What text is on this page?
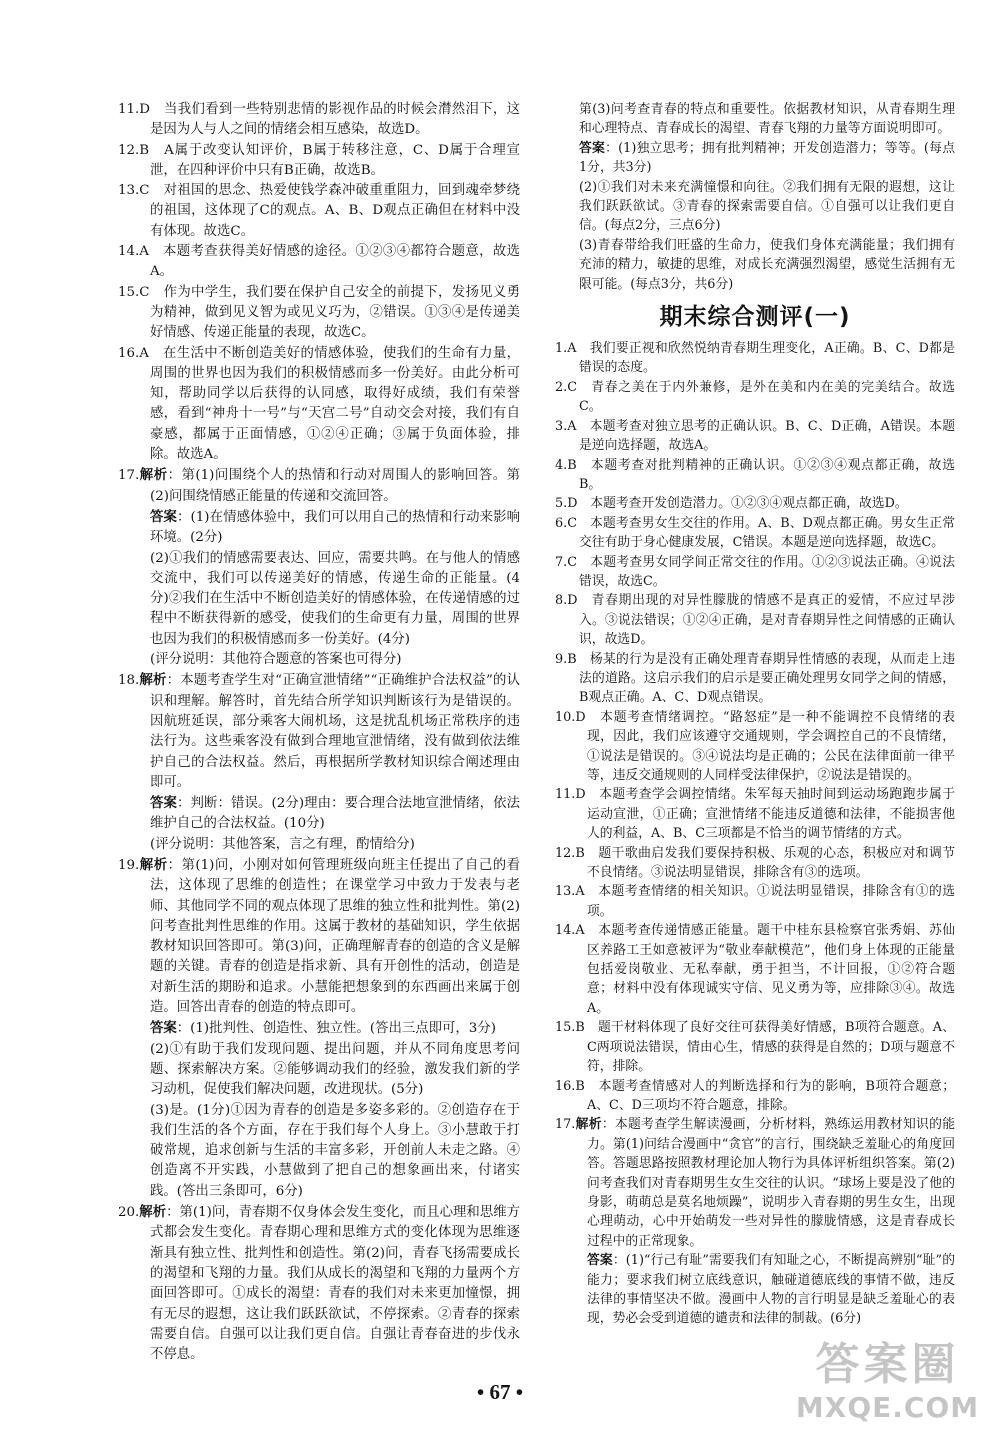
11.D　当我们看到一些特别悲情的影视作品的时候会潸然泪下，这是因为人与人之间的情绪会相互感染，故选D。

12.B　A属于改变认知评价，B属于转移注意，C、D属于合理宣泄，在四种评价中只有B正确，故选B。

13.C　对祖国的思念、热爱使钱学森冲破重重阻力，回到魂牵梦绕的祖国，这体现了C的观点。A、B、D观点正确但在材料中没有体现。故选C。

14.A　本题考查获得美好情感的途径。①②③④都符合题意，故选A。

15.C　作为中学生，我们要在保护自己安全的前提下，发扬见义勇为精神，做到见义智为或见义巧为，②错误。①③④是传递美好情感、传递正能量的表现，故选C。

16.A　在生活中不断创造美好的情感体验，使我们的生命有力量，周围的世界也因为我们的积极情感而多一份美好。由此分析可知，帮助同学以后获得的认同感，取得好成绩，我们有荣誉感，看到“神舟十一号”与“天宫二号”自动交会对接，我们有自豪感，都属于正面情感，①②④正确；③属于负面体验，排除。故选A。

17.解析：第(1)问围绕个人的热情和行动对周围人的影响回答。第(2)问围绕情感正能量的传递和交流回答。

答案：(1)在情感体验中，我们可以用自己的热情和行动来影响环境。(2分)

(2)①我们的情感需要表达、回应，需要共鸣。在与他人的情感交流中，我们可以传递美好的情感，传递生命的正能量。(4分)②我们在生活中不断创造美好的情感体验，在传递情感的过程中不断获得新的感受，使我们的生命更有力量，周围的世界也因为我们的积极情感而多一份美好。(4分)

(评分说明：其他符合题意的答案也可得分)

18.解析：本题考查学生对“正确宣泄情绪”“正确维护合法权益”的认识和理解。解答时，首先结合所学知识判断该行为是错误的。因航班延误，部分乘客大闹机场，这是扰乱机场正常秩序的违法行为。这些乘客没有做到合理地宣泄情绪，没有做到依法维护自己的合法权益。然后，再根据所学教材知识综合阐述理由即可。

答案：判断：错误。(2分)理由：要合理合法地宣泄情绪，依法维护自己的合法权益。(10分)

(评分说明：其他答案，言之有理，酌情给分)

19.解析：第(1)问，小刚对如何管理班级向班主任提出了自己的看法，这体现了思维的创造性；在课堂学习中致力于发表与老师、其他同学不同的观点体现了思维的独立性和批判性。第(2)问考查批判性思维的作用。这属于教材的基础知识，学生依据教材知识回答即可。第(3)问，正确理解青春的创造的含义是解题的关键。青春的创造是指求新、具有开创性的活动，创造是对新生活的期盼和追求。小慧能把想象到的东西画出来属于创造。回答出青春的创造的特点即可。

答案：(1)批判性、创造性、独立性。(答出三点即可，3分)

(2)①有助于我们发现问题、提出问题，并从不同角度思考问题、探索解决方案。②能够调动我们的经验，激发我们新的学习动机，促使我们解决问题，改进现状。(5分)

(3)是。(1分)①因为青春的创造是多姿多彩的。②创造存在于我们生活的各个方面，存在于我们每个人身上。③小慧敢于打破常规，追求创新与生活的丰富多彩，开创前人未走之路。④创造离不开实践，小慧做到了把自己的想象画出来，付诸实践。(答出三条即可，6分)

20.解析：第(1)问，青春期不仅身体会发生变化，而且心理和思维方式都会发生变化。青春期心理和思维方式的变化体现为思维逐渐具有独立性、批判性和创造性。第(2)问，青春飞扬需要成长的渴望和飞翔的力量。我们从成长的渴望和飞翔的力量两个方面回答即可。①成长的渴望：青春的我们对未来更加憧憬，拥有无尽的遐想，这让我们跃跃欲试，不停探索。②青春的探索需要自信。自强可以让我们更自信。自强让青春奋进的步伐永不停息。

第(3)问考查青春的特点和重要性。依据教材知识，从青春期生理和心理特点、青春成长的渴望、青春飞翔的力量等方面说明即可。

答案：(1)独立思考；拥有批判精神；开发创造潜力；等等。(每点1分，共3分)

(2)①我们对未来充满憧憬和向往。②我们拥有无限的遐想，这让我们跃跃欲试。③青春的探索需要自信。①自强可以让我们更自信。(每点2分，三点6分)

(3)青春带给我们旺盛的生命力，使我们身体充满能量；我们拥有充沛的精力，敏捷的思维，对成长充满强烈渴望，感觉生活拥有无限可能。(每点3分，共6分)

期末综合测评(一)

1.A　我们要正视和欣然悦纳青春期生理变化，A正确。B、C、D都是错误的态度。

2.C　青春之美在于内外兼修，是外在美和内在美的完美结合。故选C。

3.A　本题考查对独立思考的正确认识。B、C、D正确，A错误。本题是逆向选择题，故选A。

4.B　本题考查对批判精神的正确认识。①②③④观点都正确，故选B。

5.D　本题考查开发创造潜力。①②③④观点都正确，故选D。

6.C　本题考查男女生交往的作用。A、B、D观点都正确。男女生正常交往有助于身心健康发展，C错误。本题是逆向选择题，故选C。

7.C　本题考查男女同学间正常交往的作用。①②③说法正确。④说法错误，故选C。

8.D　青春期出现的对异性朦胧的情感不是真正的爱情，不应过早涉入。③说法错误；①②④正确，是对青春期异性之间情感的正确认识，故选D。

9.B　杨某的行为是没有正确处理青春期异性情感的表现，从而走上违法的道路。这启示我们的启示是要正确处理男女同学之间的情感，B观点正确。A、C、D观点错误。

10.D　本题考查情绪调控。“路怒症”是一种不能调控不良情绪的表现，因此，我们应该遵守交通规则，学会调控自己的不良情绪，①说法是错误的。③④说法均是正确的；公民在法律面前一律平等，违反交通规则的人同样受法律保护，②说法是错误的。

11.D　本题考查学会调控情绪。朱军每天抽时间到运动场跑跑步属于运动宣泄，①正确；宣泄情绪不能违反道德和法律，不能损害他人的利益，A、B、C三项都是不恰当的调节情绪的方式。

12.B　题干歌曲启发我们要保持积极、乐观的心态，积极应对和调节不良情绪。③说法明显错误，排除含有③的选项。

13.A　本题考查情绪的相关知识。①说法明显错误，排除含有①的选项。

14.A　本题考查传递情感正能量。题干中桂东县检察官张秀娟、苏仙区养路工王如意被评为“敬业奉献模范”，他们身上体现的正能量包括爱岗敬业、无私奉献，勇于担当，不计回报，①②符合题意；材料中没有体现诚实守信、见义勇为等，应排除③④。故选A。

15.B　题干材料体现了良好交往可获得美好情感，B项符合题意。A、C两项说法错误，情由心生，情感的获得是自然的；D项与题意不符，排除。

16.B　本题考查情感对人的判断选择和行为的影响，B项符合题意；A、C、D三项均不符合题意，排除。

17.解析：本题考查学生解读漫画，分析材料，熟练运用教材知识的能力。第(1)问结合漫画中“贪官”的言行，围绕缺乏羞耻心的角度回答。答题思路按照教材理论加人物行为具体评析组织答案。第(2)问考查我们对青春期男生女生交往的认识。“球场上要是没了他的身影，萌萌总是莫名地烦躁”，说明步入青春期的男生女生，出现心理萌动，心中开始萌发一些对异性的朦胧情感，这是青春成长过程中的正常现象。

答案：(1)“行己有耻”需要我们有知耻之心，不断提高辨别“耻”的能力；要求我们树立底线意识，触碰道德底线的事情不做，违反法律的事情坚决不做。漫画中人物的言行明显是缺乏羞耻心的表现，势必会受到道德的谴责和法律的制裁。(6分)

• 67 •
答案圈
MXQE.COM
